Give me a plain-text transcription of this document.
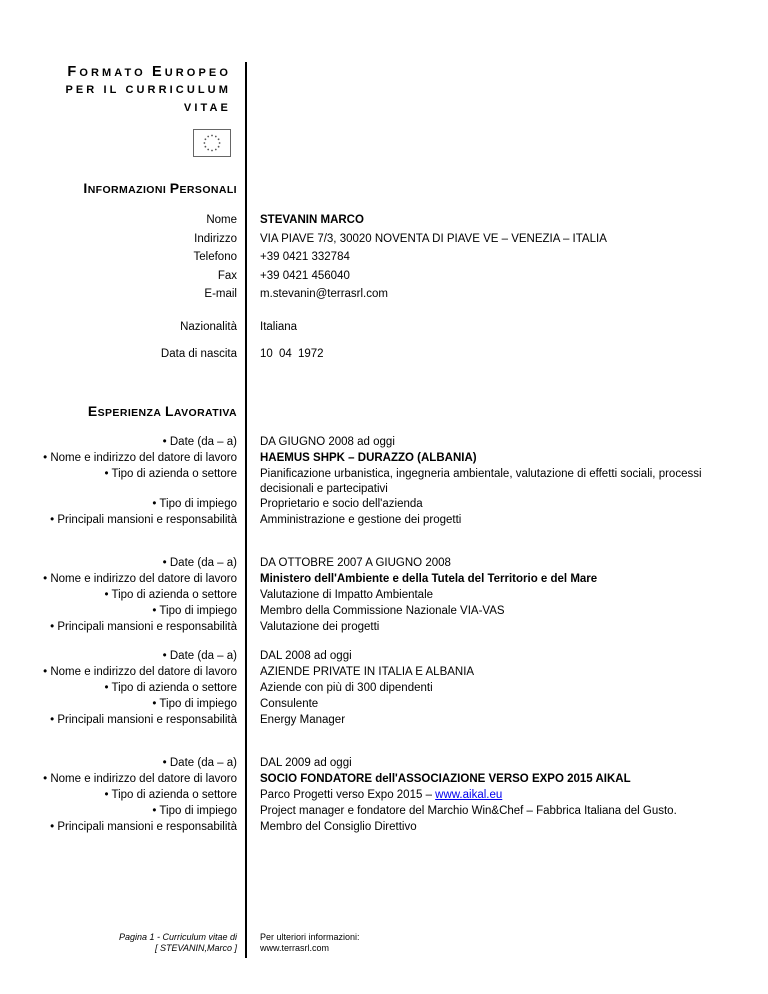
FORMATO EUROPEO
PER IL CURRICULUM
VITAE
INFORMAZIONI PERSONALI
Nome STEVANIN MARCO
Indirizzo VIA PIAVE 7/3, 30020 NOVENTA DI PIAVE VE – VENEZIA – ITALIA
Telefono +39 0421 332784
Fax +39 0421 456040
E-mail m.stevanin@terrasrl.com
Nazionalità Italiana
Data di nascita 10 04 1972
ESPERIENZA LAVORATIVA
• Date (da – a)
• Nome e indirizzo del datore di lavoro
• Tipo di azienda o settore
• Tipo di impiego
• Principali mansioni e responsabilità
DA GIUGNO 2008 ad oggi
HAEMUS SHPK – DURAZZO (ALBANIA)
Pianificazione urbanistica, ingegneria ambientale, valutazione di effetti sociali, processi
decisionali e partecipativi
Proprietario e socio dell'azienda
Amministrazione e gestione dei progetti
• Date (da – a)
• Nome e indirizzo del datore di lavoro
• Tipo di azienda o settore
• Tipo di impiego
• Principali mansioni e responsabilità
DA OTTOBRE 2007 A GIUGNO 2008
Ministero dell'Ambiente e della Tutela del Territorio e del Mare
Valutazione di Impatto Ambientale
Membro della Commissione Nazionale VIA-VAS
Valutazione dei progetti
• Date (da – a)
• Nome e indirizzo del datore di lavoro
• Tipo di azienda o settore
• Tipo di impiego
• Principali mansioni e responsabilità
DAL 2008 ad oggi
AZIENDE PRIVATE IN ITALIA E ALBANIA
Aziende con più di 300 dipendenti
Consulente
Energy Manager
• Date (da – a)
• Nome e indirizzo del datore di lavoro
• Tipo di azienda o settore
• Tipo di impiego
• Principali mansioni e responsabilità
DAL 2009 ad oggi
SOCIO FONDATORE dell'ASSOCIAZIONE VERSO EXPO 2015 AIKAL
Parco Progetti verso Expo 2015 – www.aikal.eu
Project manager e fondatore del Marchio Win&Chef – Fabbrica Italiana del Gusto.
Membro del Consiglio Direttivo
Pagina 1 - Curriculum vitae di
[ STEVANIN,Marco ]
Per ulteriori informazioni:
www.terrasrl.com
